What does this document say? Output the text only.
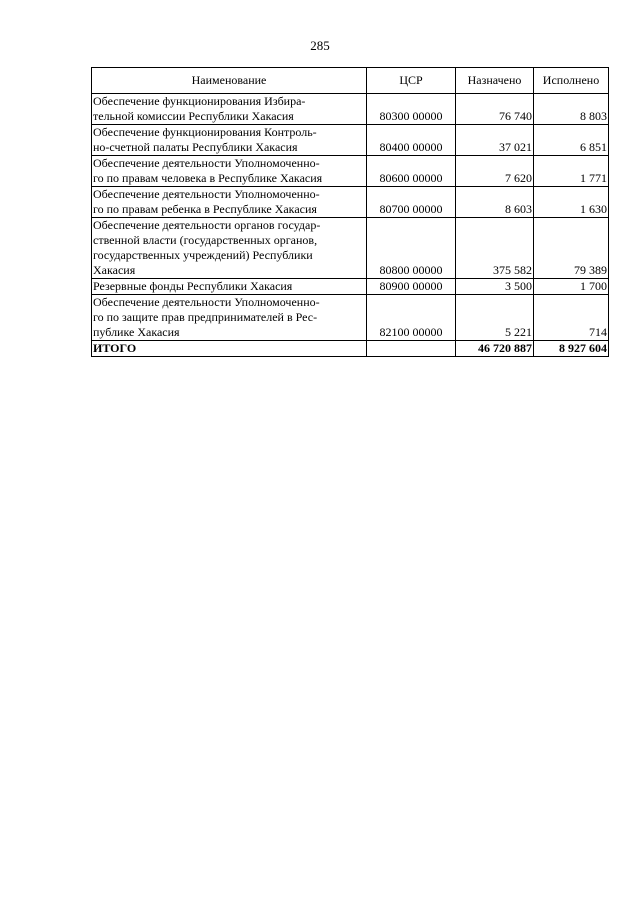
285
Наименование	ЦСР	Назначено	Исполнено
Обеспечение функционирования Избира-
тельной комиссии Республики Хакасия	80300 00000	76 740	8 803
Обеспечение функционирования Контроль-
но-счетной палаты Республики Хакасия	80400 00000	37 021	6 851
Обеспечение деятельности Уполномоченно-
го по правам человека в Республике Хакасия	80600 00000	7 620	1 771
Обеспечение деятельности Уполномоченно-
го по правам ребенка в Республике Хакасия	80700 00000	8 603	1 630
Обеспечение деятельности органов государ-
ственной власти (государственных органов,
государственных учреждений) Республики
Хакасия	80800 00000	375 582	79 389
Резервные фонды Республики Хакасия	80900 00000	3 500	1 700
Обеспечение деятельности Уполномоченно-
го по защите прав предпринимателей в Рес-
публике Хакасия	82100 00000	5 221	714
ИТОГО		46 720 887	8 927 604
